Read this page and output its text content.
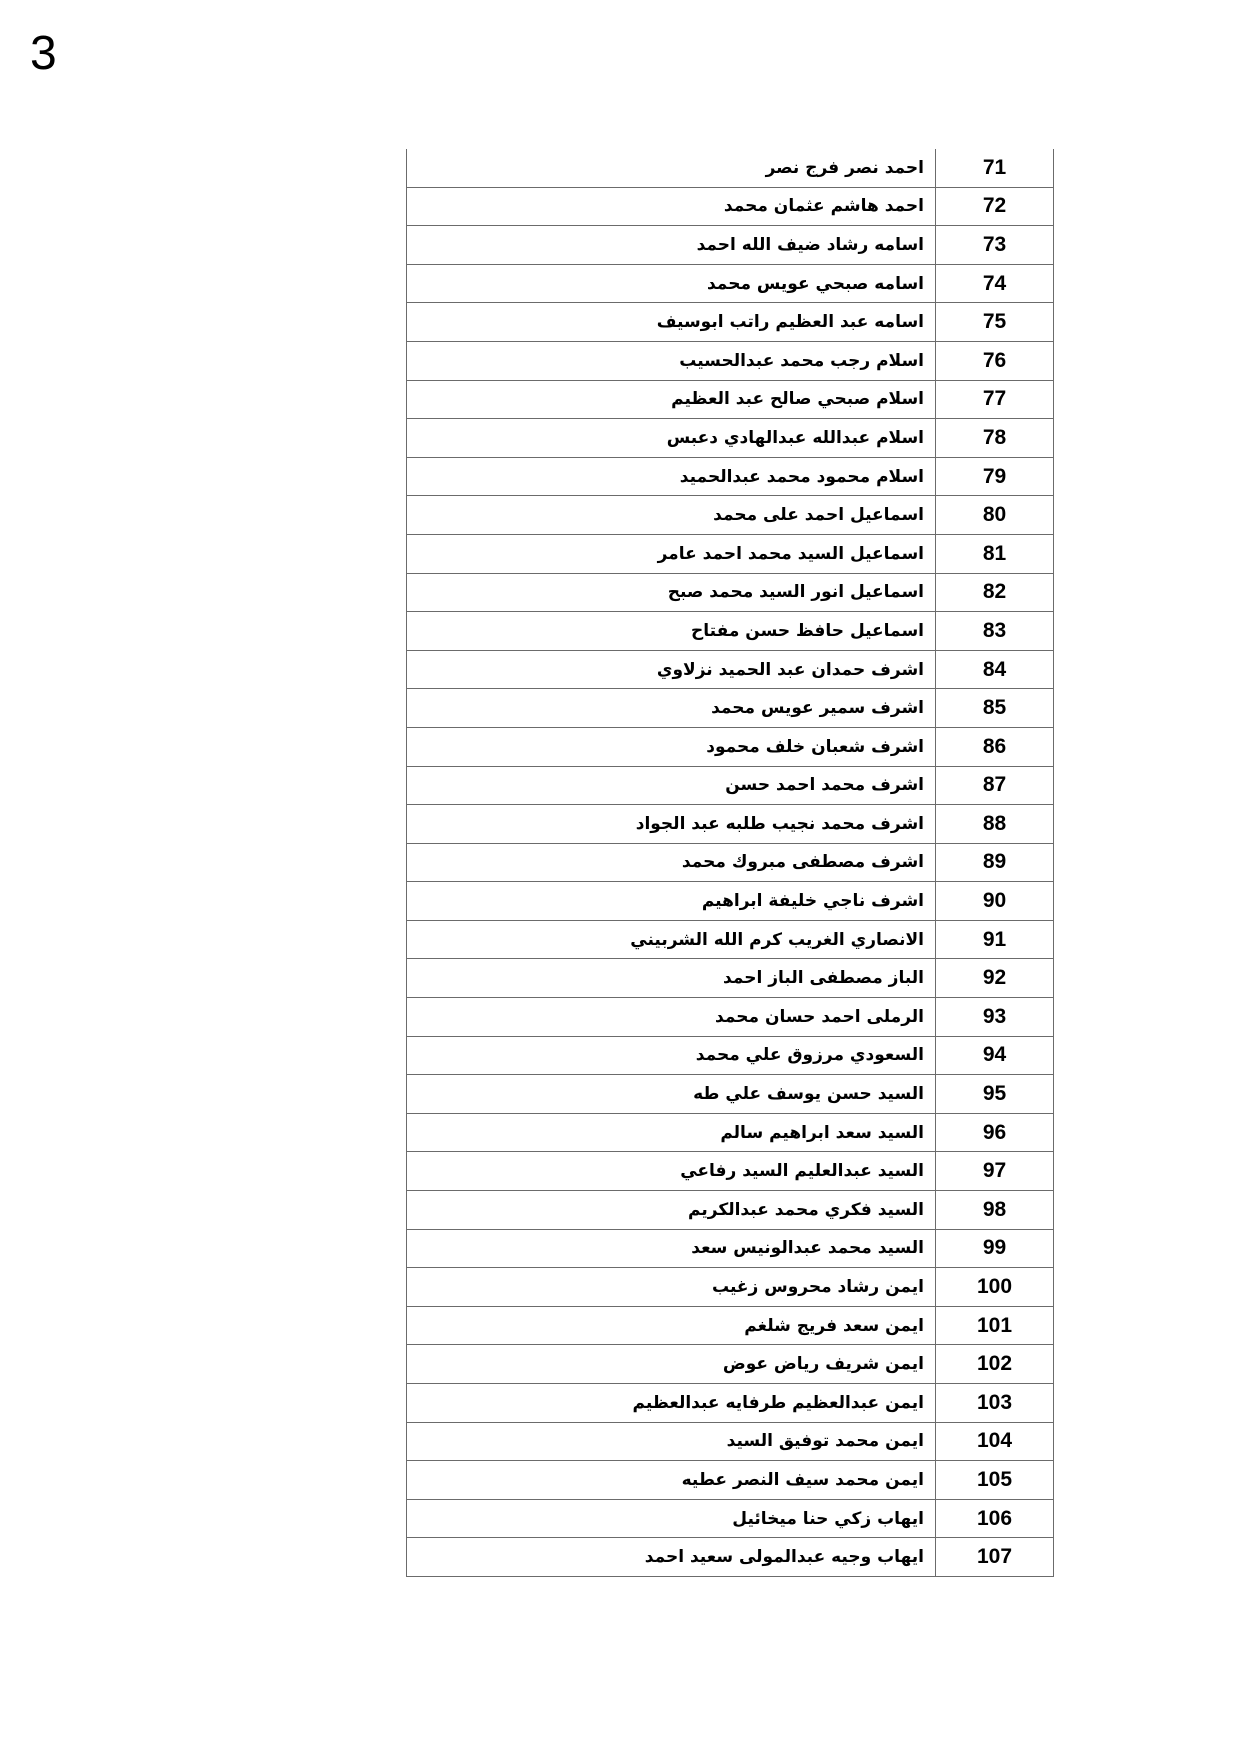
3
71	احمد نصر فرج نصر
72	احمد هاشم عثمان محمد
73	اسامه رشاد ضيف الله احمد
74	اسامه صبحي عويس محمد
75	اسامه عبد العظيم راتب ابوسيف
76	اسلام رجب محمد عبدالحسيب
77	اسلام صبحي صالح عبد العظيم
78	اسلام عبدالله عبدالهادي دعبس
79	اسلام محمود محمد عبدالحميد
80	اسماعيل احمد على محمد
81	اسماعيل السيد محمد احمد عامر
82	اسماعيل انور السيد محمد صبح
83	اسماعيل حافظ حسن مفتاح
84	اشرف حمدان عبد الحميد نزلاوي
85	اشرف سمير عويس محمد
86	اشرف شعبان خلف محمود
87	اشرف محمد احمد حسن
88	اشرف محمد نجيب طلبه عبد الجواد
89	اشرف مصطفى مبروك محمد
90	اشرف ناجي خليفة ابراهيم
91	الانصاري الغريب كرم الله الشربيني
92	الباز مصطفى الباز احمد
93	الرملى احمد حسان محمد
94	السعودي مرزوق علي محمد
95	السيد حسن يوسف علي طه
96	السيد سعد ابراهيم سالم
97	السيد عبدالعليم السيد رفاعي
98	السيد فكري محمد عبدالكريم
99	السيد محمد عبدالونيس سعد
100	ايمن رشاد محروس زغيب
101	ايمن سعد فريج شلغم
102	ايمن شريف رياض عوض
103	ايمن عبدالعظيم طرفايه عبدالعظيم
104	ايمن محمد توفيق السيد
105	ايمن محمد سيف النصر عطيه
106	ايهاب زكي حنا ميخائيل
107	ايهاب وجيه عبدالمولى سعيد احمد
